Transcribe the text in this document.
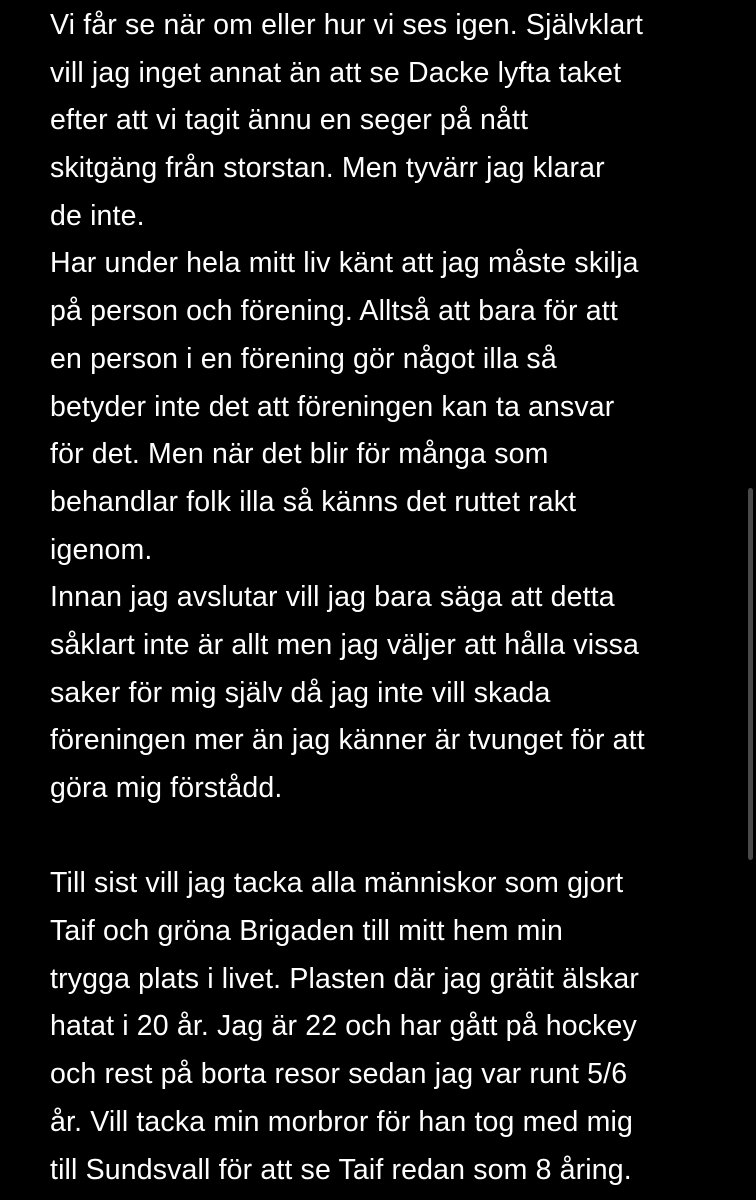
Vi får se när om eller hur vi ses igen. Självklart
vill jag inget annat än att se Dacke lyfta taket
efter att vi tagit ännu en seger på nått
skitgäng från storstan. Men tyvärr jag klarar
de inte.
Har under hela mitt liv känt att jag måste skilja
på person och förening. Alltså att bara för att
en person i en förening gör något illa så
betyder inte det att föreningen kan ta ansvar
för det. Men när det blir för många som
behandlar folk illa så känns det ruttet rakt
igenom.
Innan jag avslutar vill jag bara säga att detta
såklart inte är allt men jag väljer att hålla vissa
saker för mig själv då jag inte vill skada
föreningen mer än jag känner är tvunget för att
göra mig förstådd.
Till sist vill jag tacka alla människor som gjort
Taif och gröna Brigaden till mitt hem min
trygga plats i livet. Plasten där jag grätit älskar
hatat i 20 år. Jag är 22 och har gått på hockey
och rest på borta resor sedan jag var runt 5/6
år. Vill tacka min morbror för han tog med mig
till Sundsvall för att se Taif redan som 8 åring.
